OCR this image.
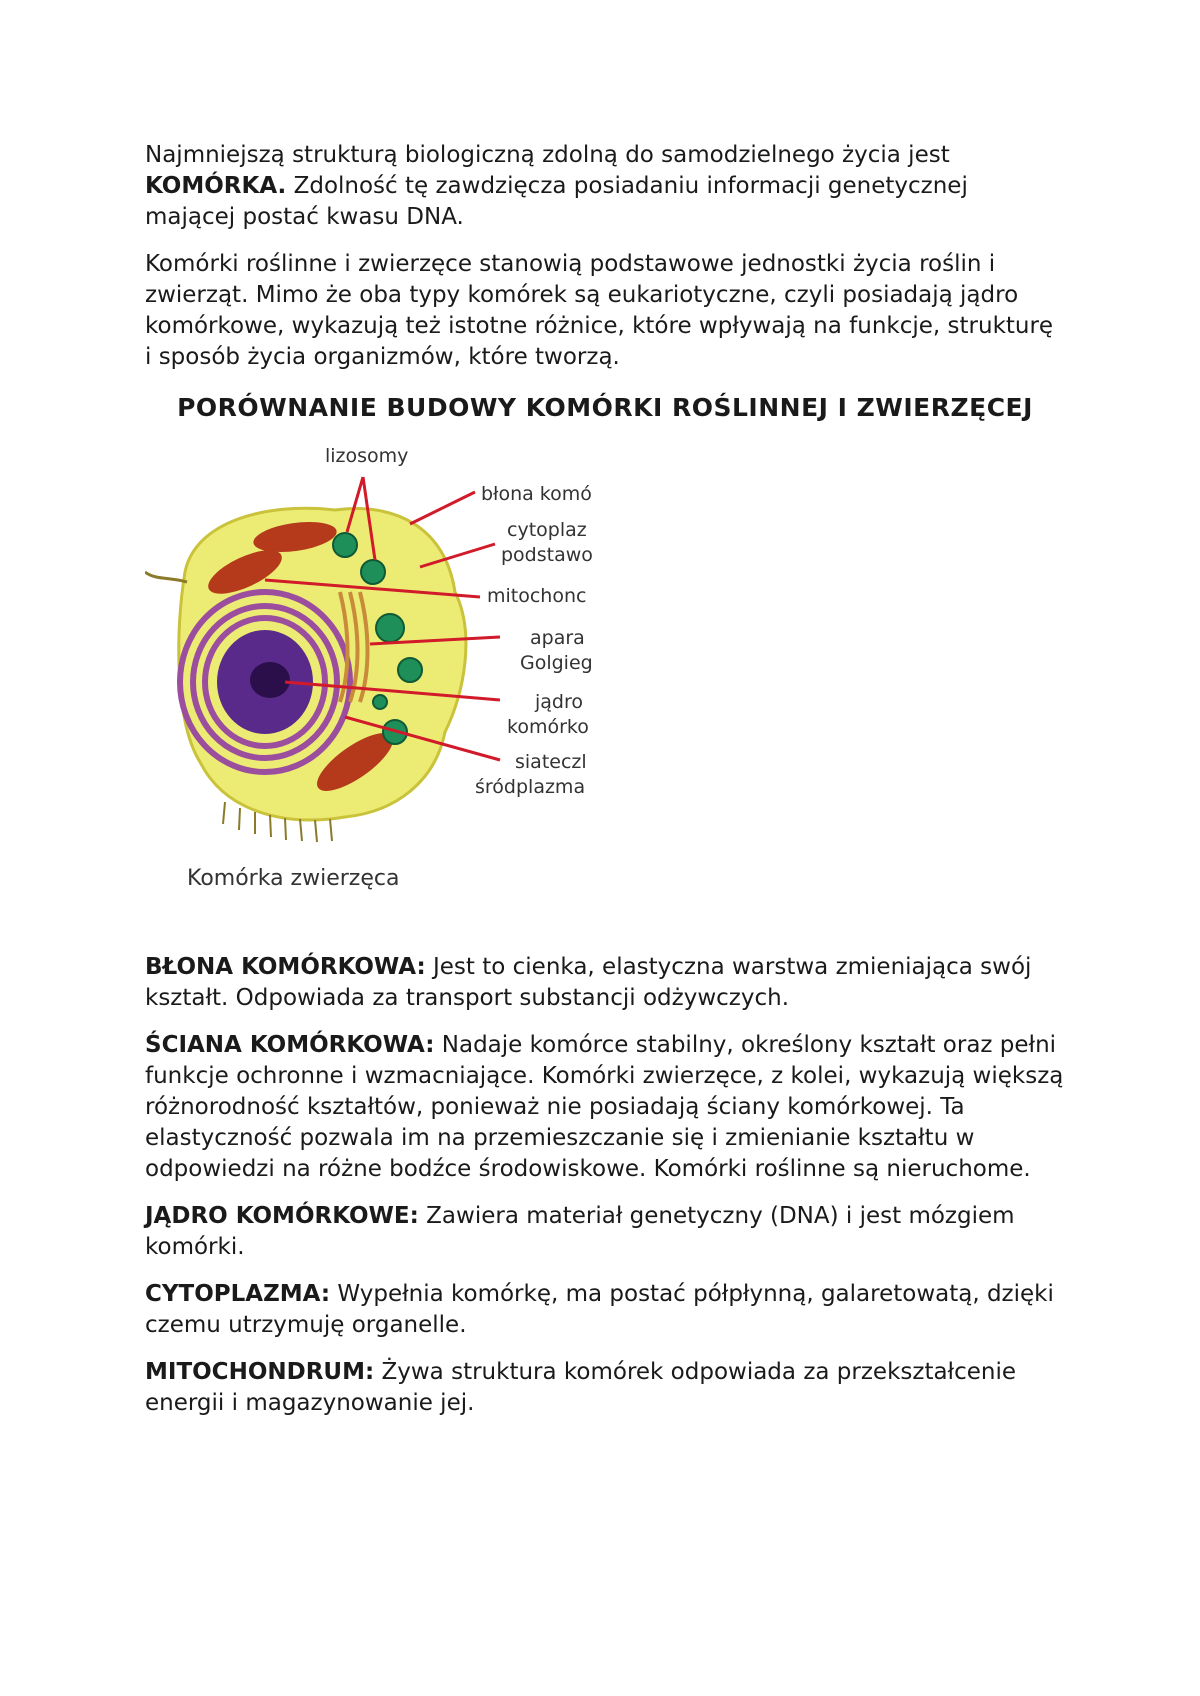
Najmniejszą strukturą biologiczną zdolną do samodzielnego życia jest KOMÓRKA. Zdolność tę zawdzięcza posiadaniu informacji genetycznej mającej postać kwasu DNA.

Komórki roślinne i zwierzęce stanowią podstawowe jednostki życia roślin i zwierząt. Mimo że oba typy komórek są eukariotyczne, czyli posiadają jądro komórkowe, wykazują też istotne różnice, które wpływają na funkcje, strukturę i sposób życia organizmów, które tworzą.

PORÓWNANIE BUDOWY KOMÓRKI ROŚLINNEJ I ZWIERZĘCEJ
lizosomy
błona komó
cytoplaz
podstawo
mitochonc
apara
Golgieg
jądro
komórko
siateczl
śródplazma
Komórka zwierzęca

BŁONA KOMÓRKOWA: Jest to cienka, elastyczna warstwa zmieniająca swój kształt. Odpowiada za transport substancji odżywczych.

ŚCIANA KOMÓRKOWA: Nadaje komórce stabilny, określony kształt oraz pełni funkcje ochronne i wzmacniające. Komórki zwierzęce, z kolei, wykazują większą różnorodność kształtów, ponieważ nie posiadają ściany komórkowej. Ta elastyczność pozwala im na przemieszczanie się i zmienianie kształtu w odpowiedzi na różne bodźce środowiskowe. Komórki roślinne są nieruchome.

JĄDRO KOMÓRKOWE: Zawiera materiał genetyczny (DNA) i jest mózgiem komórki.

CYTOPLAZMA: Wypełnia komórkę, ma postać półpłynną, galaretowatą, dzięki czemu utrzymuję organelle.

MITOCHONDRUM: Żywa struktura komórek odpowiada za przekształcenie energii i magazynowanie jej.
